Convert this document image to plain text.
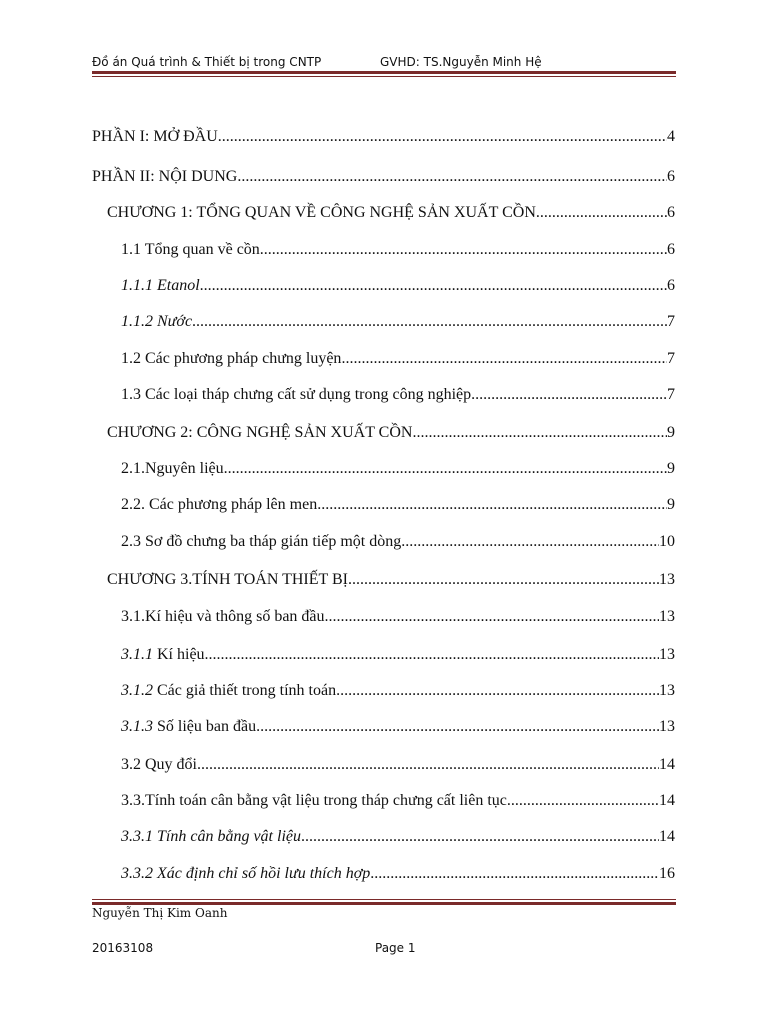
Đồ án Quá trình & Thiết bị trong CNTP	GVHD: TS.Nguyễn Minh Hệ
PHẦN I: MỞ ĐẦU .....	4
PHẦN II: NỘI DUNG .....	6
CHƯƠNG 1: TỔNG QUAN VỀ CÔNG NGHỆ SẢN XUẤT CỒN .....	6
1.1 Tổng quan về cồn .....	6
1.1.1 Etanol .....	6
1.1.2 Nước .....	7
1.2 Các phương pháp chưng luyện .....	7
1.3 Các loại tháp chưng cất sử dụng trong công nghiệp .....	7
CHƯƠNG 2: CÔNG NGHỆ SẢN XUẤT CỒN .....	9
2.1.Nguyên liệu .....	9
2.2. Các phương pháp lên men .....	9
2.3 Sơ đồ chưng ba tháp gián tiếp một dòng .....	10
CHƯƠNG 3.TÍNH TOÁN THIẾT BỊ .....	13
3.1.Kí hiệu và thông số ban đầu .....	13
3.1.1 Kí hiệu .....	13
3.1.2 Các giả thiết trong tính toán .....	13
3.1.3 Số liệu ban đầu .....	13
3.2 Quy đổi .....	14
3.3.Tính toán cân bằng vật liệu trong tháp chưng cất liên tục .....	14
3.3.1 Tính cân bằng vật liệu .....	14
3.3.2 Xác định chỉ số hồi lưu thích hợp .....	16
Nguyễn Thị Kim Oanh
20163108	Page 1
